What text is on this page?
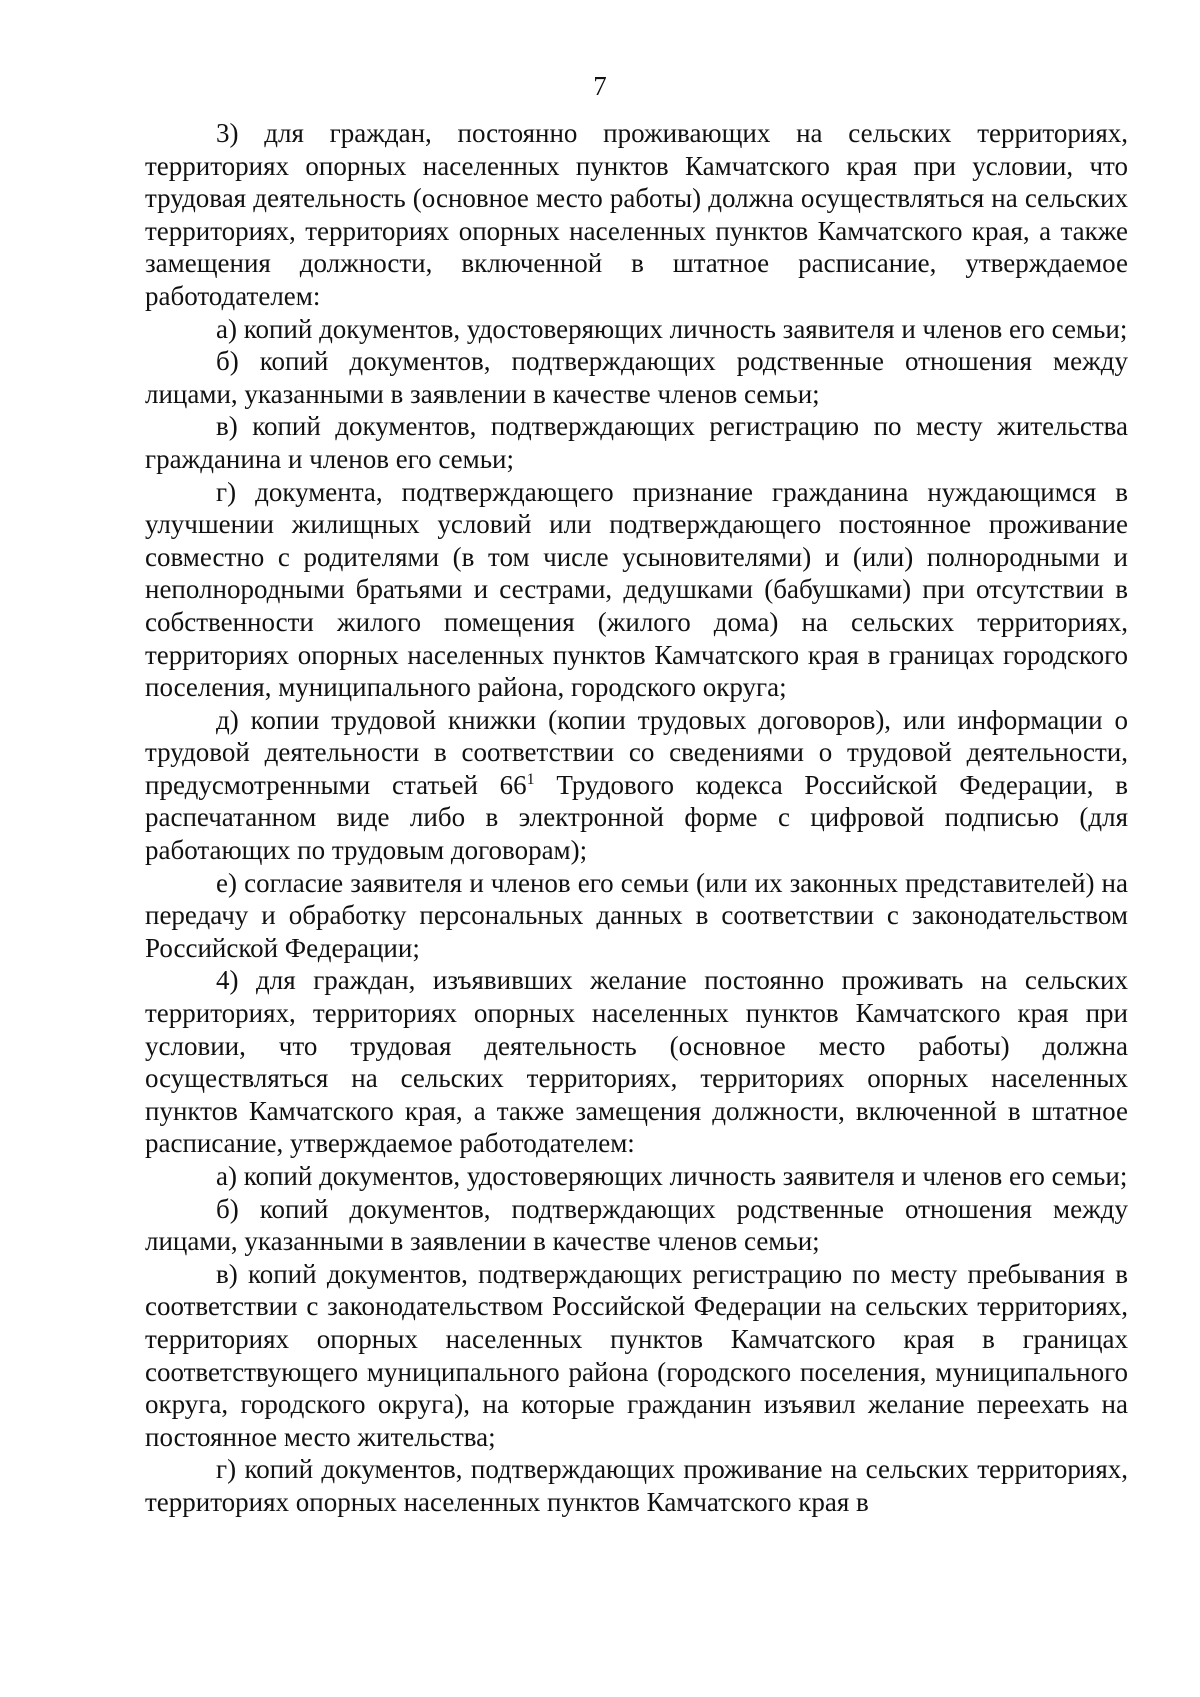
7

3) для граждан, постоянно проживающих на сельских территориях, территориях опорных населенных пунктов Камчатского края при условии, что трудовая деятельность (основное место работы) должна осуществляться на сельских территориях, территориях опорных населенных пунктов Камчатского края, а также замещения должности, включенной в штатное расписание, утверждаемое работодателем:

а) копий документов, удостоверяющих личность заявителя и членов его семьи;

б) копий документов, подтверждающих родственные отношения между лицами, указанными в заявлении в качестве членов семьи;

в) копий документов, подтверждающих регистрацию по месту жительства гражданина и членов его семьи;

г) документа, подтверждающего признание гражданина нуждающимся в улучшении жилищных условий или подтверждающего постоянное проживание совместно с родителями (в том числе усыновителями) и (или) полнородными и неполнородными братьями и сестрами, дедушками (бабушками) при отсутствии в собственности жилого помещения (жилого дома) на сельских территориях, территориях опорных населенных пунктов Камчатского края в границах городского поселения, муниципального района, городского округа;

д) копии трудовой книжки (копии трудовых договоров), или информации о трудовой деятельности в соответствии со сведениями о трудовой деятельности, предусмотренными статьей $66^1$ Трудового кодекса Российской Федерации, в распечатанном виде либо в электронной форме с цифровой подписью (для работающих по трудовым договорам);

е) согласие заявителя и членов его семьи (или их законных представителей) на передачу и обработку персональных данных в соответствии с законодательством Российской Федерации;

4) для граждан, изъявивших желание постоянно проживать на сельских территориях, территориях опорных населенных пунктов Камчатского края при условии, что трудовая деятельность (основное место работы) должна осуществляться на сельских территориях, территориях опорных населенных пунктов Камчатского края, а также замещения должности, включенной в штатное расписание, утверждаемое работодателем:

а) копий документов, удостоверяющих личность заявителя и членов его семьи;

б) копий документов, подтверждающих родственные отношения между лицами, указанными в заявлении в качестве членов семьи;

в) копий документов, подтверждающих регистрацию по месту пребывания в соответствии с законодательством Российской Федерации на сельских территориях, территориях опорных населенных пунктов Камчатского края в границах соответствующего муниципального района (городского поселения, муниципального округа, городского округа), на которые гражданин изъявил желание переехать на постоянное место жительства;

г) копий документов, подтверждающих проживание на сельских территориях, территориях опорных населенных пунктов Камчатского края в
